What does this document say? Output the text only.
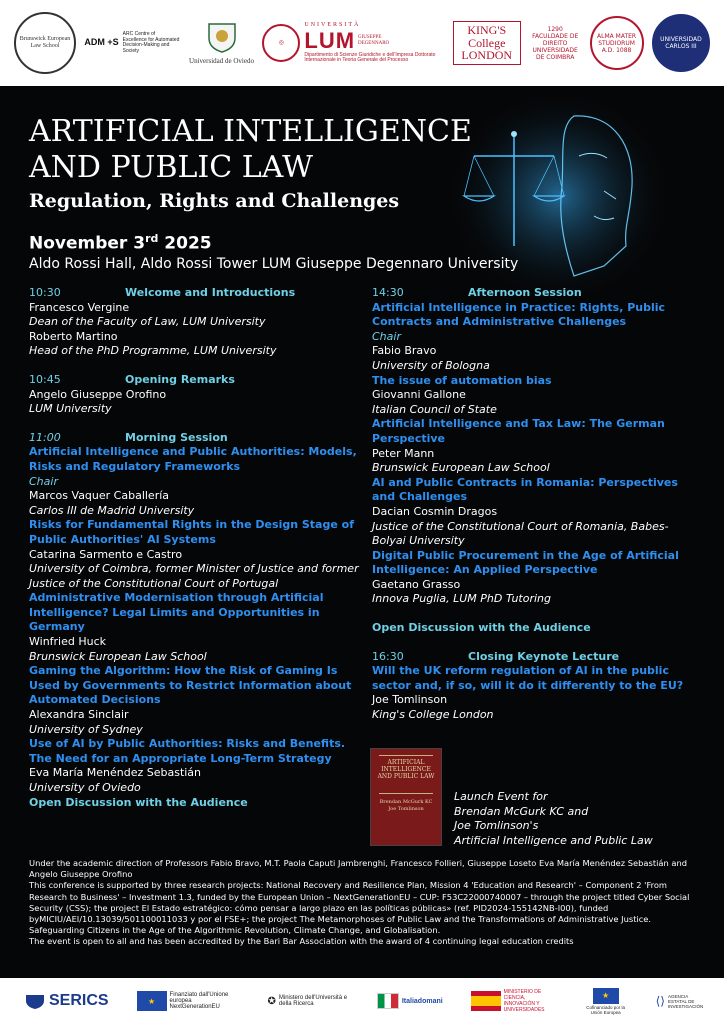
Brunswick European Law School	ADM +S
ARC Centre of Excellence for Automated Decision-Making and Society
Universidad de Oviedo
◎
UNIVERSITÀ
LUM GIUSEPPE DEGENNARO
Dipartimento di Scienze Giuridiche e dell'Impresa Dottorato Internazionale in Teoria Generale del Processo
KING'S College LONDON
1290
FACULDADE DE DIREITO UNIVERSIDADE DE COIMBRA
ALMA MATER STUDIORUM A.D. 1088
UNIVERSIDAD CARLOS III
ARTIFICIAL INTELLIGENCE
AND PUBLIC LAW
Regulation, Rights and Challenges
November 3rd 2025
Aldo Rossi Hall, Aldo Rossi Tower LUM Giuseppe Degennaro University
10:30	Welcome and Introductions
Francesco Vergine
Dean of the Faculty of Law, LUM University
Roberto Martino
Head of the PhD Programme, LUM University
10:45	Opening Remarks
Angelo Giuseppe Orofino
LUM University
11:00	Morning Session
Artificial Intelligence and Public Authorities: Models, Risks and Regulatory Frameworks
Chair
Marcos Vaquer Caballería
Carlos III de Madrid University
Risks for Fundamental Rights in the Design Stage of Public Authorities' AI Systems
Catarina Sarmento e Castro
University of Coimbra, former Minister of Justice and former Justice of the Constitutional Court of Portugal
Administrative Modernisation through Artificial Intelligence? Legal Limits and Opportunities in Germany
Winfried Huck
Brunswick European Law School
Gaming the Algorithm: How the Risk of Gaming Is Used by Governments to Restrict Information about Automated Decisions
Alexandra Sinclair
University of Sydney
Use of AI by Public Authorities: Risks and Benefits. The Need for an Appropriate Long-Term Strategy
Eva María Menéndez Sebastián
University of Oviedo
Open Discussion with the Audience
14:30	Afternoon Session
Artificial Intelligence in Practice: Rights, Public Contracts and Administrative Challenges
Chair
Fabio Bravo
University of Bologna
The issue of automation bias
Giovanni Gallone
Italian Council of State
Artificial Intelligence and Tax Law: The German Perspective
Peter Mann
Brunswick European Law School
AI and Public Contracts in Romania: Perspectives and Challenges
Dacian Cosmin Dragos
Justice of the Constitutional Court of Romania, Babes-Bolyai University
Digital Public Procurement in the Age of Artificial Intelligence: An Applied Perspective
Gaetano Grasso
Innova Puglia, LUM PhD Tutoring
Open Discussion with the Audience
16:30	Closing Keynote Lecture
Will the UK reform regulation of AI in the public sector and, if so, will it do it differently to the EU?
Joe Tomlinson
King's College London
ARTIFICIAL INTELLIGENCE AND PUBLIC LAW
Brendan McGurk KC Joe Tomlinson
Launch Event for
Brendan McGurk KC and
Joe Tomlinson's
Artificial Intelligence and Public Law
Under the academic direction of Professors Fabio Bravo, M.T. Paola Caputi Jambrenghi, Francesco Follieri, Giuseppe Loseto Eva María Menéndez Sebastián and Angelo Giuseppe Orofino
This conference is supported by three research projects: National Recovery and Resilience Plan, Mission 4 'Education and Research' – Component 2 'From Research to Business' – Investment 1.3, funded by the European Union – NextGenerationEU – CUP: F53C22000740007 – through the project titled Cyber Social Security (CSS); the project El Estado estratégico: cómo pensar a largo plazo en las políticas públicas» (ref. PID2024-155142NB-I00), funded byMICIU/AEI/10.13039/501100011033 y por el FSE+; the project The Metamorphoses of Public Law and the Transformations of Administrative Justice. Safeguarding Citizens in the Age of the Algorithmic Revolution, Climate Change, and Globalisation.
The event is open to all and has been accredited by the Bari Bar Association with the award of 4 continuing legal education credits
SERICS	★
Finanziato dall'Unione europea NextGenerationEU
✪ Ministero dell'Università e della Ricerca	Italiadomani
MINISTERIO DE CIENCIA, INNOVACIÓN Y UNIVERSIDADES
★
Cofinanciado por la Unión Europea
⟨⟩ AGENCIA ESTATAL DE INVESTIGACIÓN
